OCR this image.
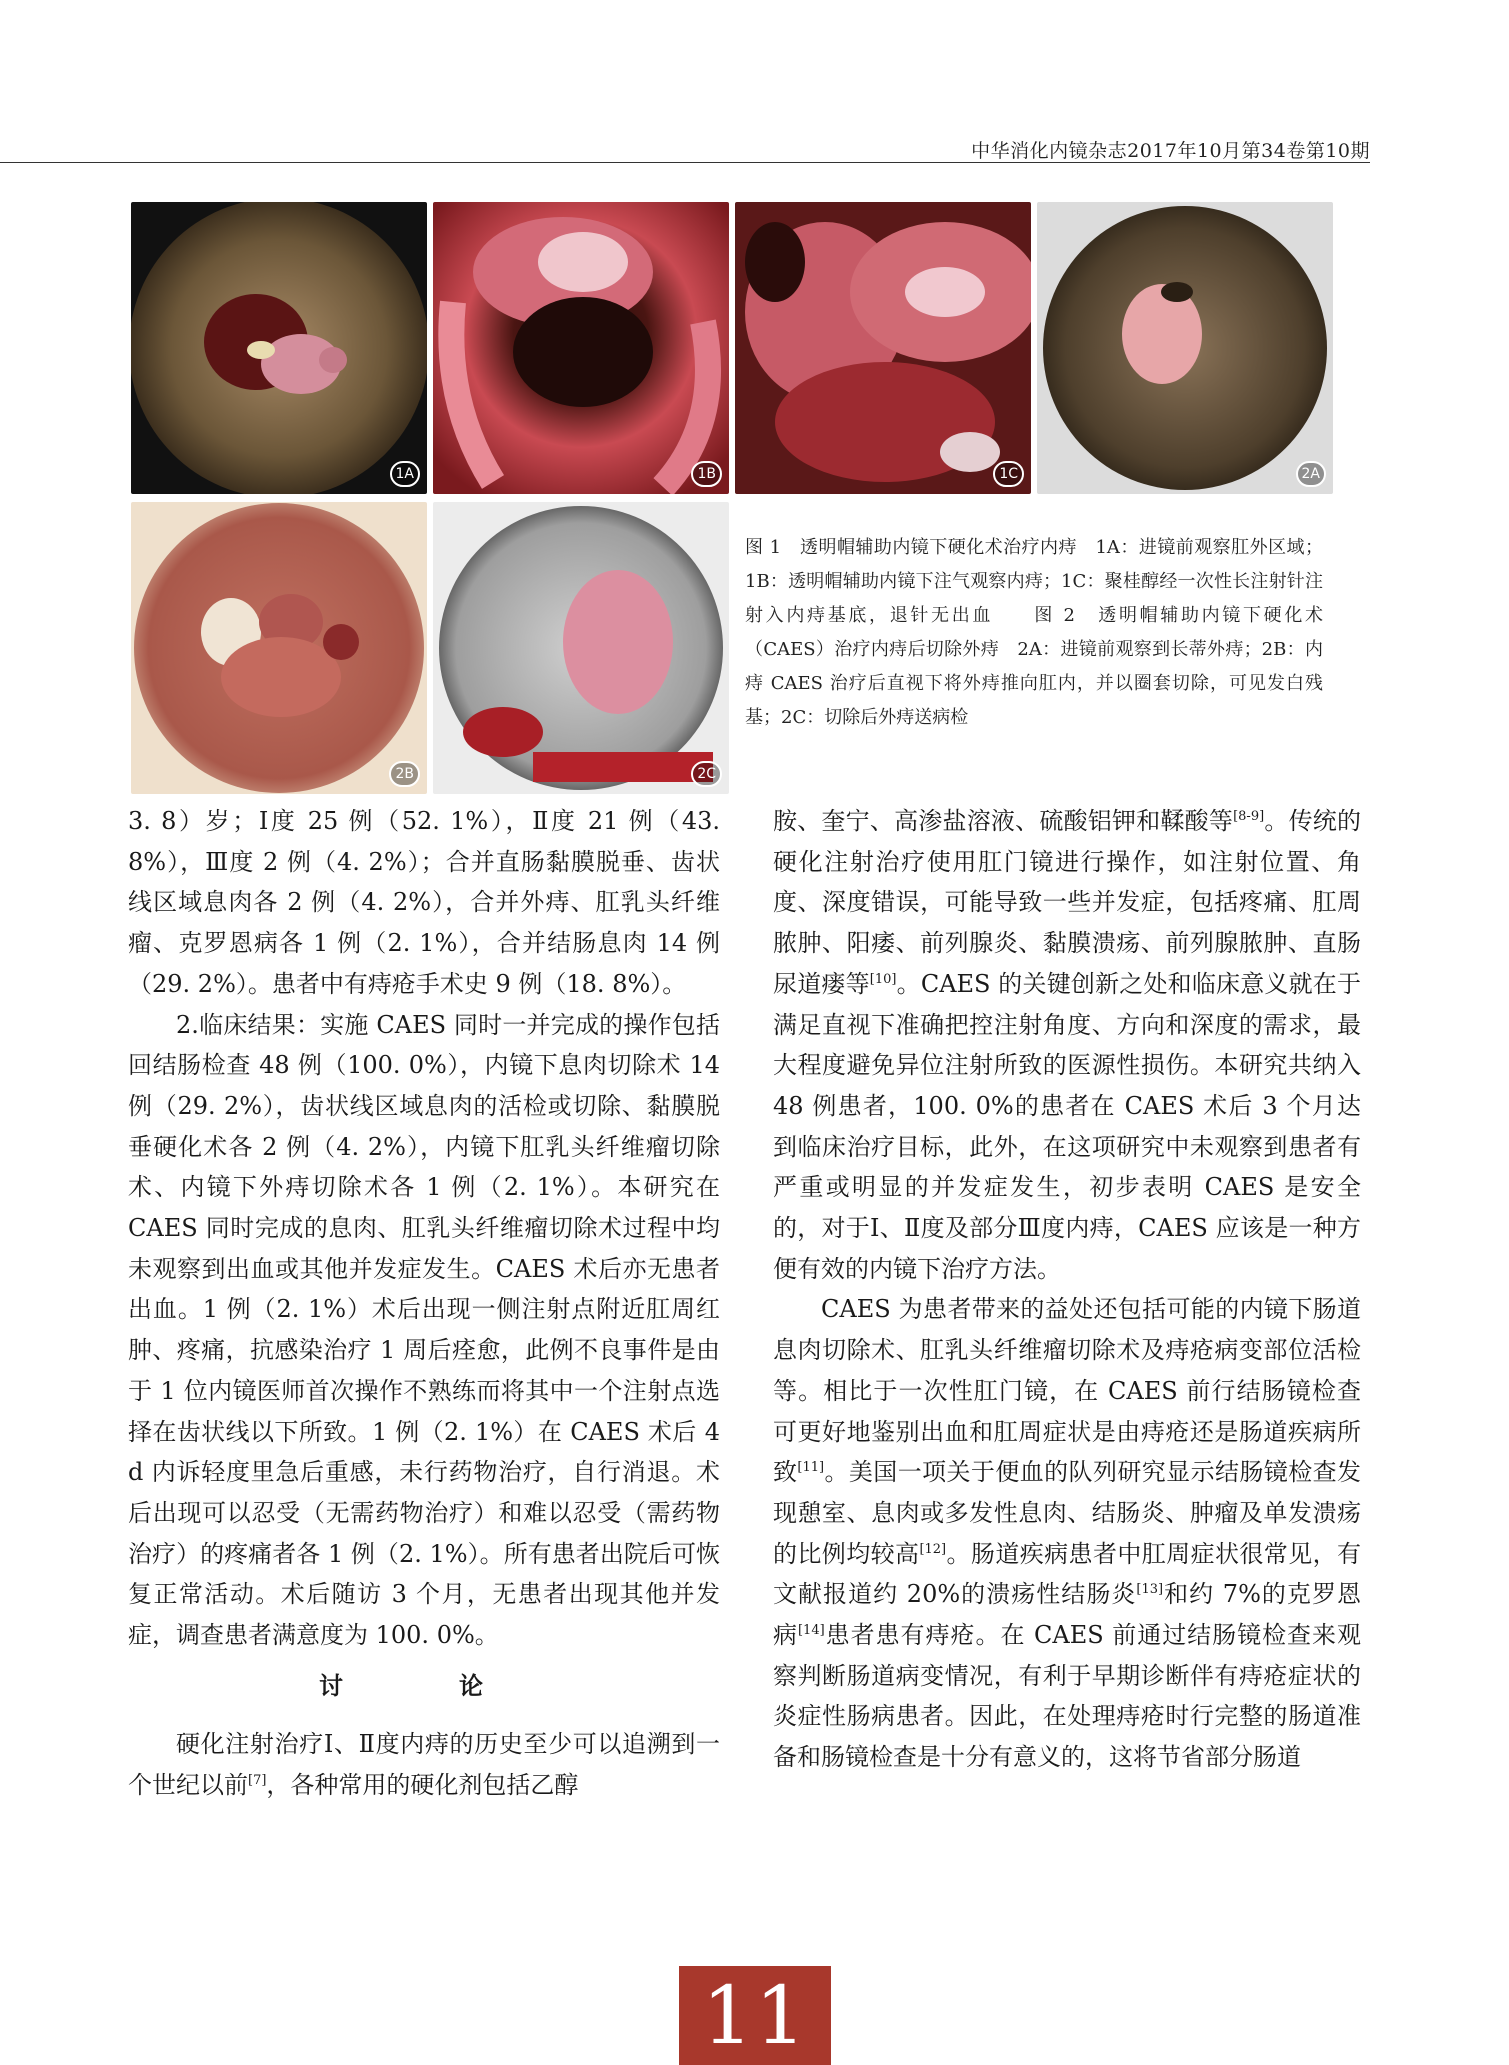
中华消化内镜杂志2017年10月第34卷第10期
1A	1B	1C	2A
2B	2C

图 1　透明帽辅助内镜下硬化术治疗内痔　1A：进镜前观察肛外区域；1B：透明帽辅助内镜下注气观察内痔；1C：聚桂醇经一次性长注射针注射入内痔基底，退针无出血　　图 2　透明帽辅助内镜下硬化术（CAES）治疗内痔后切除外痔　2A：进镜前观察到长蒂外痔；2B：内痔 CAES 治疗后直视下将外痔推向肛内，并以圈套切除，可见发白残基；2C：切除后外痔送病检

3. 8）岁；Ⅰ度 25 例（52. 1%），Ⅱ度 21 例（43. 8%），Ⅲ度 2 例（4. 2%）；合并直肠黏膜脱垂、齿状线区域息肉各 2 例（4. 2%），合并外痔、肛乳头纤维瘤、克罗恩病各 1 例（2. 1%），合并结肠息肉 14 例（29. 2%）。患者中有痔疮手术史 9 例（18. 8%）。

2.临床结果：实施 CAES 同时一并完成的操作包括回结肠检查 48 例（100. 0%），内镜下息肉切除术 14 例（29. 2%），齿状线区域息肉的活检或切除、黏膜脱垂硬化术各 2 例（4. 2%），内镜下肛乳头纤维瘤切除术、内镜下外痔切除术各 1 例（2. 1%）。本研究在 CAES 同时完成的息肉、肛乳头纤维瘤切除术过程中均未观察到出血或其他并发症发生。CAES 术后亦无患者出血。1 例（2. 1%）术后出现一侧注射点附近肛周红肿、疼痛，抗感染治疗 1 周后痊愈，此例不良事件是由于 1 位内镜医师首次操作不熟练而将其中一个注射点选择在齿状线以下所致。1 例（2. 1%）在 CAES 术后 4 d 内诉轻度里急后重感，未行药物治疗，自行消退。术后出现可以忍受（无需药物治疗）和难以忍受（需药物治疗）的疼痛者各 1 例（2. 1%）。所有患者出院后可恢复正常活动。术后随访 3 个月，无患者出现其他并发症，调查患者满意度为 100. 0%。

讨　论

硬化注射治疗Ⅰ、Ⅱ度内痔的历史至少可以追溯到一个世纪以前[7]，各种常用的硬化剂包括乙醇

胺、奎宁、高渗盐溶液、硫酸铝钾和鞣酸等[8-9]。传统的硬化注射治疗使用肛门镜进行操作，如注射位置、角度、深度错误，可能导致一些并发症，包括疼痛、肛周脓肿、阳痿、前列腺炎、黏膜溃疡、前列腺脓肿、直肠尿道瘘等[10]。CAES 的关键创新之处和临床意义就在于满足直视下准确把控注射角度、方向和深度的需求，最大程度避免异位注射所致的医源性损伤。本研究共纳入 48 例患者，100. 0%的患者在 CAES 术后 3 个月达到临床治疗目标，此外，在这项研究中未观察到患者有严重或明显的并发症发生，初步表明 CAES 是安全的，对于Ⅰ、Ⅱ度及部分Ⅲ度内痔，CAES 应该是一种方便有效的内镜下治疗方法。

CAES 为患者带来的益处还包括可能的内镜下肠道息肉切除术、肛乳头纤维瘤切除术及痔疮病变部位活检等。相比于一次性肛门镜，在 CAES 前行结肠镜检查可更好地鉴别出血和肛周症状是由痔疮还是肠道疾病所致[11]。美国一项关于便血的队列研究显示结肠镜检查发现憩室、息肉或多发性息肉、结肠炎、肿瘤及单发溃疡的比例均较高[12]。肠道疾病患者中肛周症状很常见，有文献报道约 20%的溃疡性结肠炎[13]和约 7%的克罗恩病[14]患者患有痔疮。在 CAES 前通过结肠镜检查来观察判断肠道病变情况，有利于早期诊断伴有痔疮症状的炎症性肠病患者。因此，在处理痔疮时行完整的肠道准备和肠镜检查是十分有意义的，这将节省部分肠道

11
